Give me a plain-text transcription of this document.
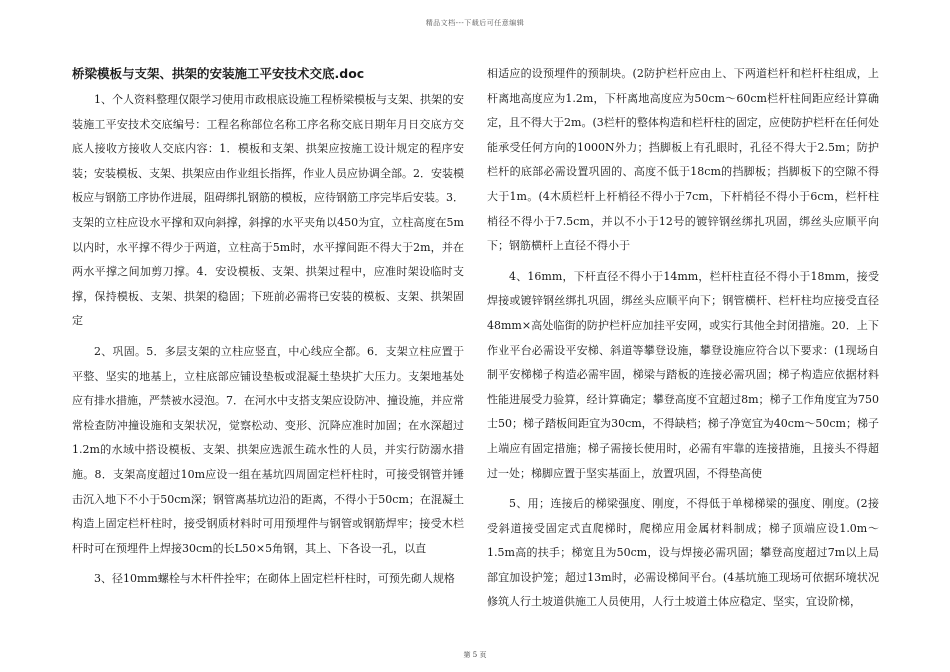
精品文档---下载后可任意编辑
桥梁模板与支架、拱架的安装施工平安技术交底.doc

1、个人资料整理仅限学习使用市政根底设施工程桥梁模板与支架、拱架的安装施工平安技术交底编号：工程名称部位名称工序名称交底日期年月日交底方交底人接收方接收人交底内容：1．模板和支架、拱架应按施工设计规定的程序安装；安装模板、支架、拱架应由作业组长指挥，作业人员应协调全部。2．安装模板应与钢筋工序协作进展，阻碍绑扎钢筋的模板，应待钢筋工序完毕后安装。3．支架的立柱应设水平撑和双向斜撑，斜撑的水平夹角以450为宜，立柱高度在5m以内时，水平撑不得少于两道，立柱高于5m时，水平撑间距不得大于2m，并在两水平撑之间加剪刀撑。4．安设模板、支架、拱架过程中，应准时架设临时支撑，保持模板、支架、拱架的稳固；下班前必需将已安装的模板、支架、拱架固定

2、巩固。5．多层支架的立柱应竖直，中心线应全都。6．支架立柱应置于平整、坚实的地基上，立柱底部应铺设垫板或混凝土垫块扩大压力。支架地基处应有排水措施，严禁被水浸泡。7．在河水中支搭支架应设防冲、撞设施，并应常常检查防冲撞设施和支架状况，觉察松动、变形、沉降应准时加固；在水深超过1.2m的水域中搭设模板、支架、拱架应选派生疏水性的人员，并实行防溺水措施。8．支架高度超过10m应设一组在基坑四周固定栏杆柱时，可接受钢管并锤击沉入地下不小于50cm深；钢管离基坑边沿的距离，不得小于50cm；在混凝土构造上固定栏杆柱时，接受钢质材料时可用预埋件与钢管或钢筋焊牢；接受木栏杆时可在预埋件上焊接30cm的长L50×5角钢，其上、下各设一孔，以直

3、径10mm螺栓与木杆件拴牢；在砌体上固定栏杆柱时，可预先砌人规格

相适应的设预埋件的预制块。(2防护栏杆应由上、下两道栏杆和栏杆柱组成，上杆离地高度应为1.2m，下杆离地高度应为50cm～60cm栏杆柱间距应经计算确定，且不得大于2m。(3栏杆的整体构造和栏杆柱的固定，应使防护栏杆在任何处能承受任何方向的1000N外力；挡脚板上有孔眼时，孔径不得大于2.5m；防护栏杆的底部必需设置巩固的、高度不低于18cm的挡脚板；挡脚板下的空隙不得大于1m。(4木质栏杆上杆梢径不得小于7cm，下杆梢径不得小于6cm，栏杆柱梢径不得小于7.5cm，并以不小于12号的镀锌钢丝绑扎巩固，绑丝头应顺平向下；钢筋横杆上直径不得小于

4、16mm，下杆直径不得小于14mm，栏杆柱直径不得小于18mm，接受焊接或镀锌钢丝绑扎巩固，绑丝头应顺平向下；钢管横杆、栏杆柱均应接受直径48mm×高处临街的防护栏杆应加挂平安网，或实行其他全封闭措施。20．上下作业平台必需设平安梯、斜道等攀登设施，攀登设施应符合以下要求：(1现场自制平安梯梯子构造必需牢固，梯梁与踏板的连接必需巩固；梯子构造应依据材料性能进展受力验算，经计算确定；攀登高度不宜超过8m；梯子工作角度宜为750士50；梯子踏板间距宜为30cm，不得缺档；梯子净宽宜为40cm～50cm；梯子上端应有固定措施；梯子需接长使用时，必需有牢靠的连接措施，且接头不得超过一处；梯脚应置于坚实基面上，放置巩固，不得垫高使

5、用；连接后的梯梁强度、刚度，不得低于单梯梯梁的强度、刚度。(2接受斜道接受固定式直爬梯时，爬梯应用金属材料制成；梯子顶端应设1.0m～1.5m高的扶手；梯宽且为50cm，设与焊接必需巩固；攀登高度超过7m以上局部宜加设护笼；超过13m时，必需设梯间平台。(4基坑施工现场可依据环境状况修筑人行土坡道供施工人员使用，人行土坡道土体应稳定、坚实，宜设阶梯，

第 5 页
